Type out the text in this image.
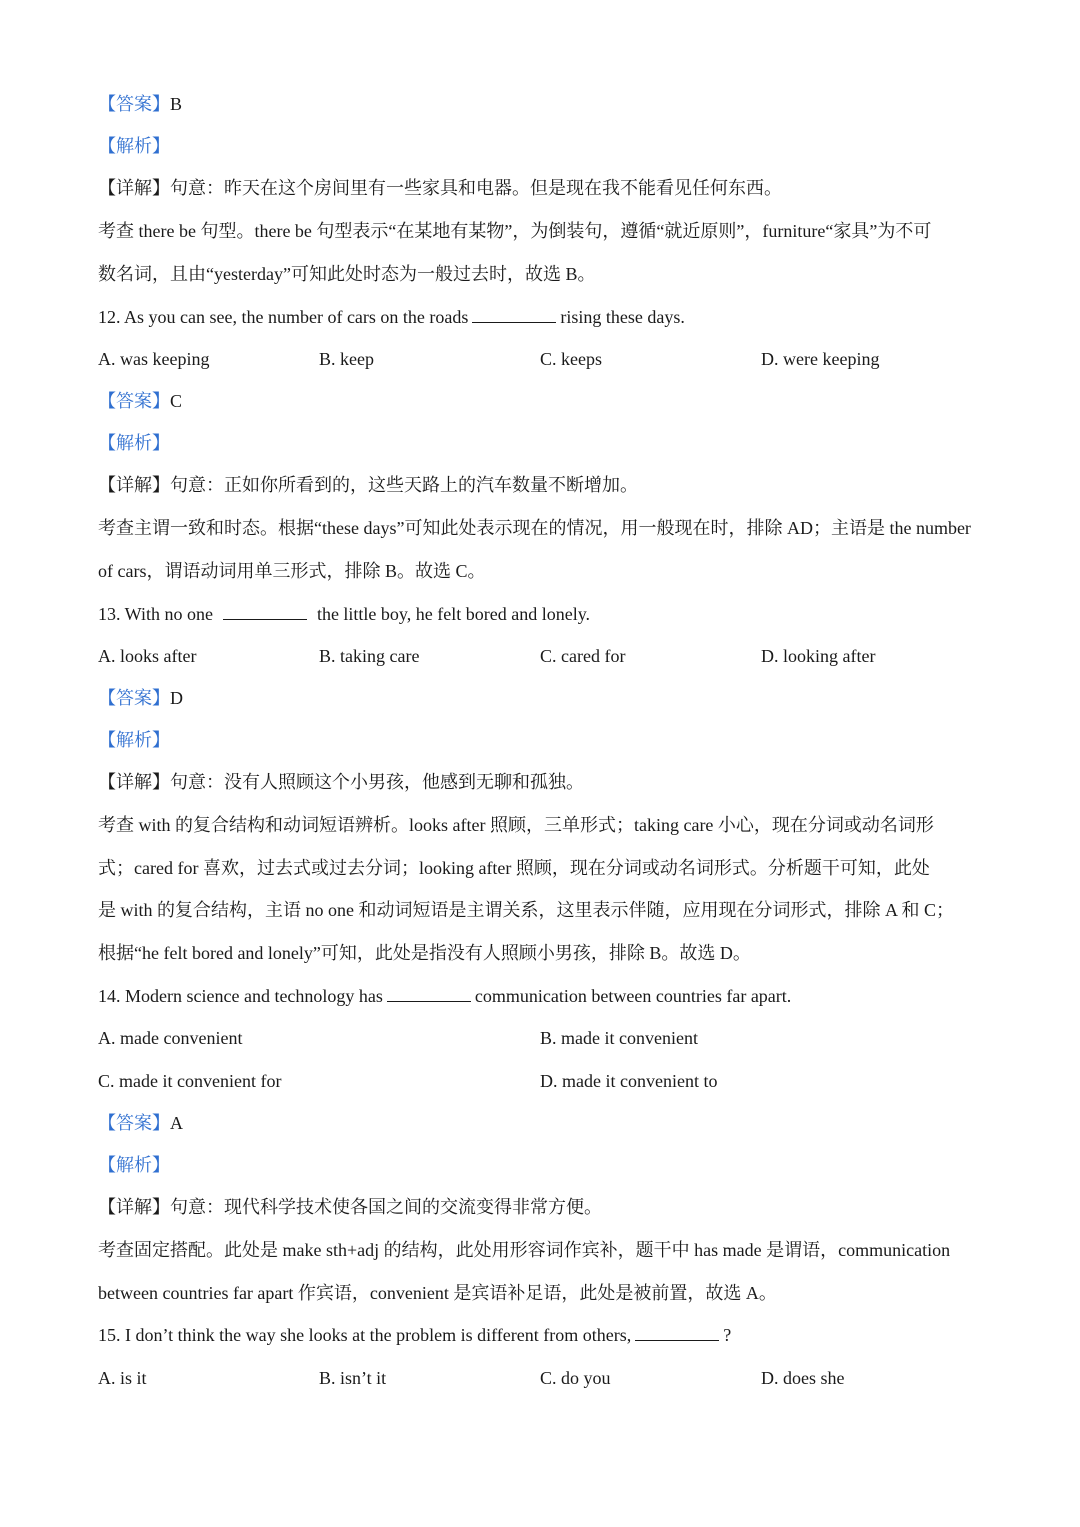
【答案】B
【解析】
【详解】句意：昨天在这个房间里有一些家具和电器。但是现在我不能看见任何东西。
考查 there be 句型。there be 句型表示“在某地有某物”，为倒装句，遵循“就近原则”，furniture“家具”为不可
数名词，且由“yesterday”可知此处时态为一般过去时，故选 B。
12. As you can see, the number of cars on the roads	rising these days.
A. was keeping	B. keep	C. keeps	D. were keeping
【答案】C
【解析】
【详解】句意：正如你所看到的，这些天路上的汽车数量不断增加。
考查主谓一致和时态。根据“these days”可知此处表示现在的情况，用一般现在时，排除 AD；主语是 the number
of cars，谓语动词用单三形式，排除 B。故选 C。
13. With no one	the little boy, he felt bored and lonely.
A. looks after	B. taking care	C. cared for	D. looking after
【答案】D
【解析】
【详解】句意：没有人照顾这个小男孩，他感到无聊和孤独。
考查 with 的复合结构和动词短语辨析。looks after 照顾，三单形式；taking care 小心，现在分词或动名词形
式；cared for 喜欢，过去式或过去分词；looking after 照顾，现在分词或动名词形式。分析题干可知，此处
是 with 的复合结构，主语 no one 和动词短语是主谓关系，这里表示伴随，应用现在分词形式，排除 A 和 C；
根据“he felt bored and lonely”可知，此处是指没有人照顾小男孩，排除 B。故选 D。
14. Modern science and technology has	communication between countries far apart.
A. made convenient	B. made it convenient
C. made it convenient for	D. made it convenient to
【答案】A
【解析】
【详解】句意：现代科学技术使各国之间的交流变得非常方便。
考查固定搭配。此处是 make sth+adj 的结构，此处用形容词作宾补，题干中 has made 是谓语，communication
between countries far apart 作宾语，convenient 是宾语补足语，此处是被前置，故选 A。
15. I don’t think the way she looks at the problem is different from others,	?
A. is it	B. isn’t it	C. do you	D. does she
